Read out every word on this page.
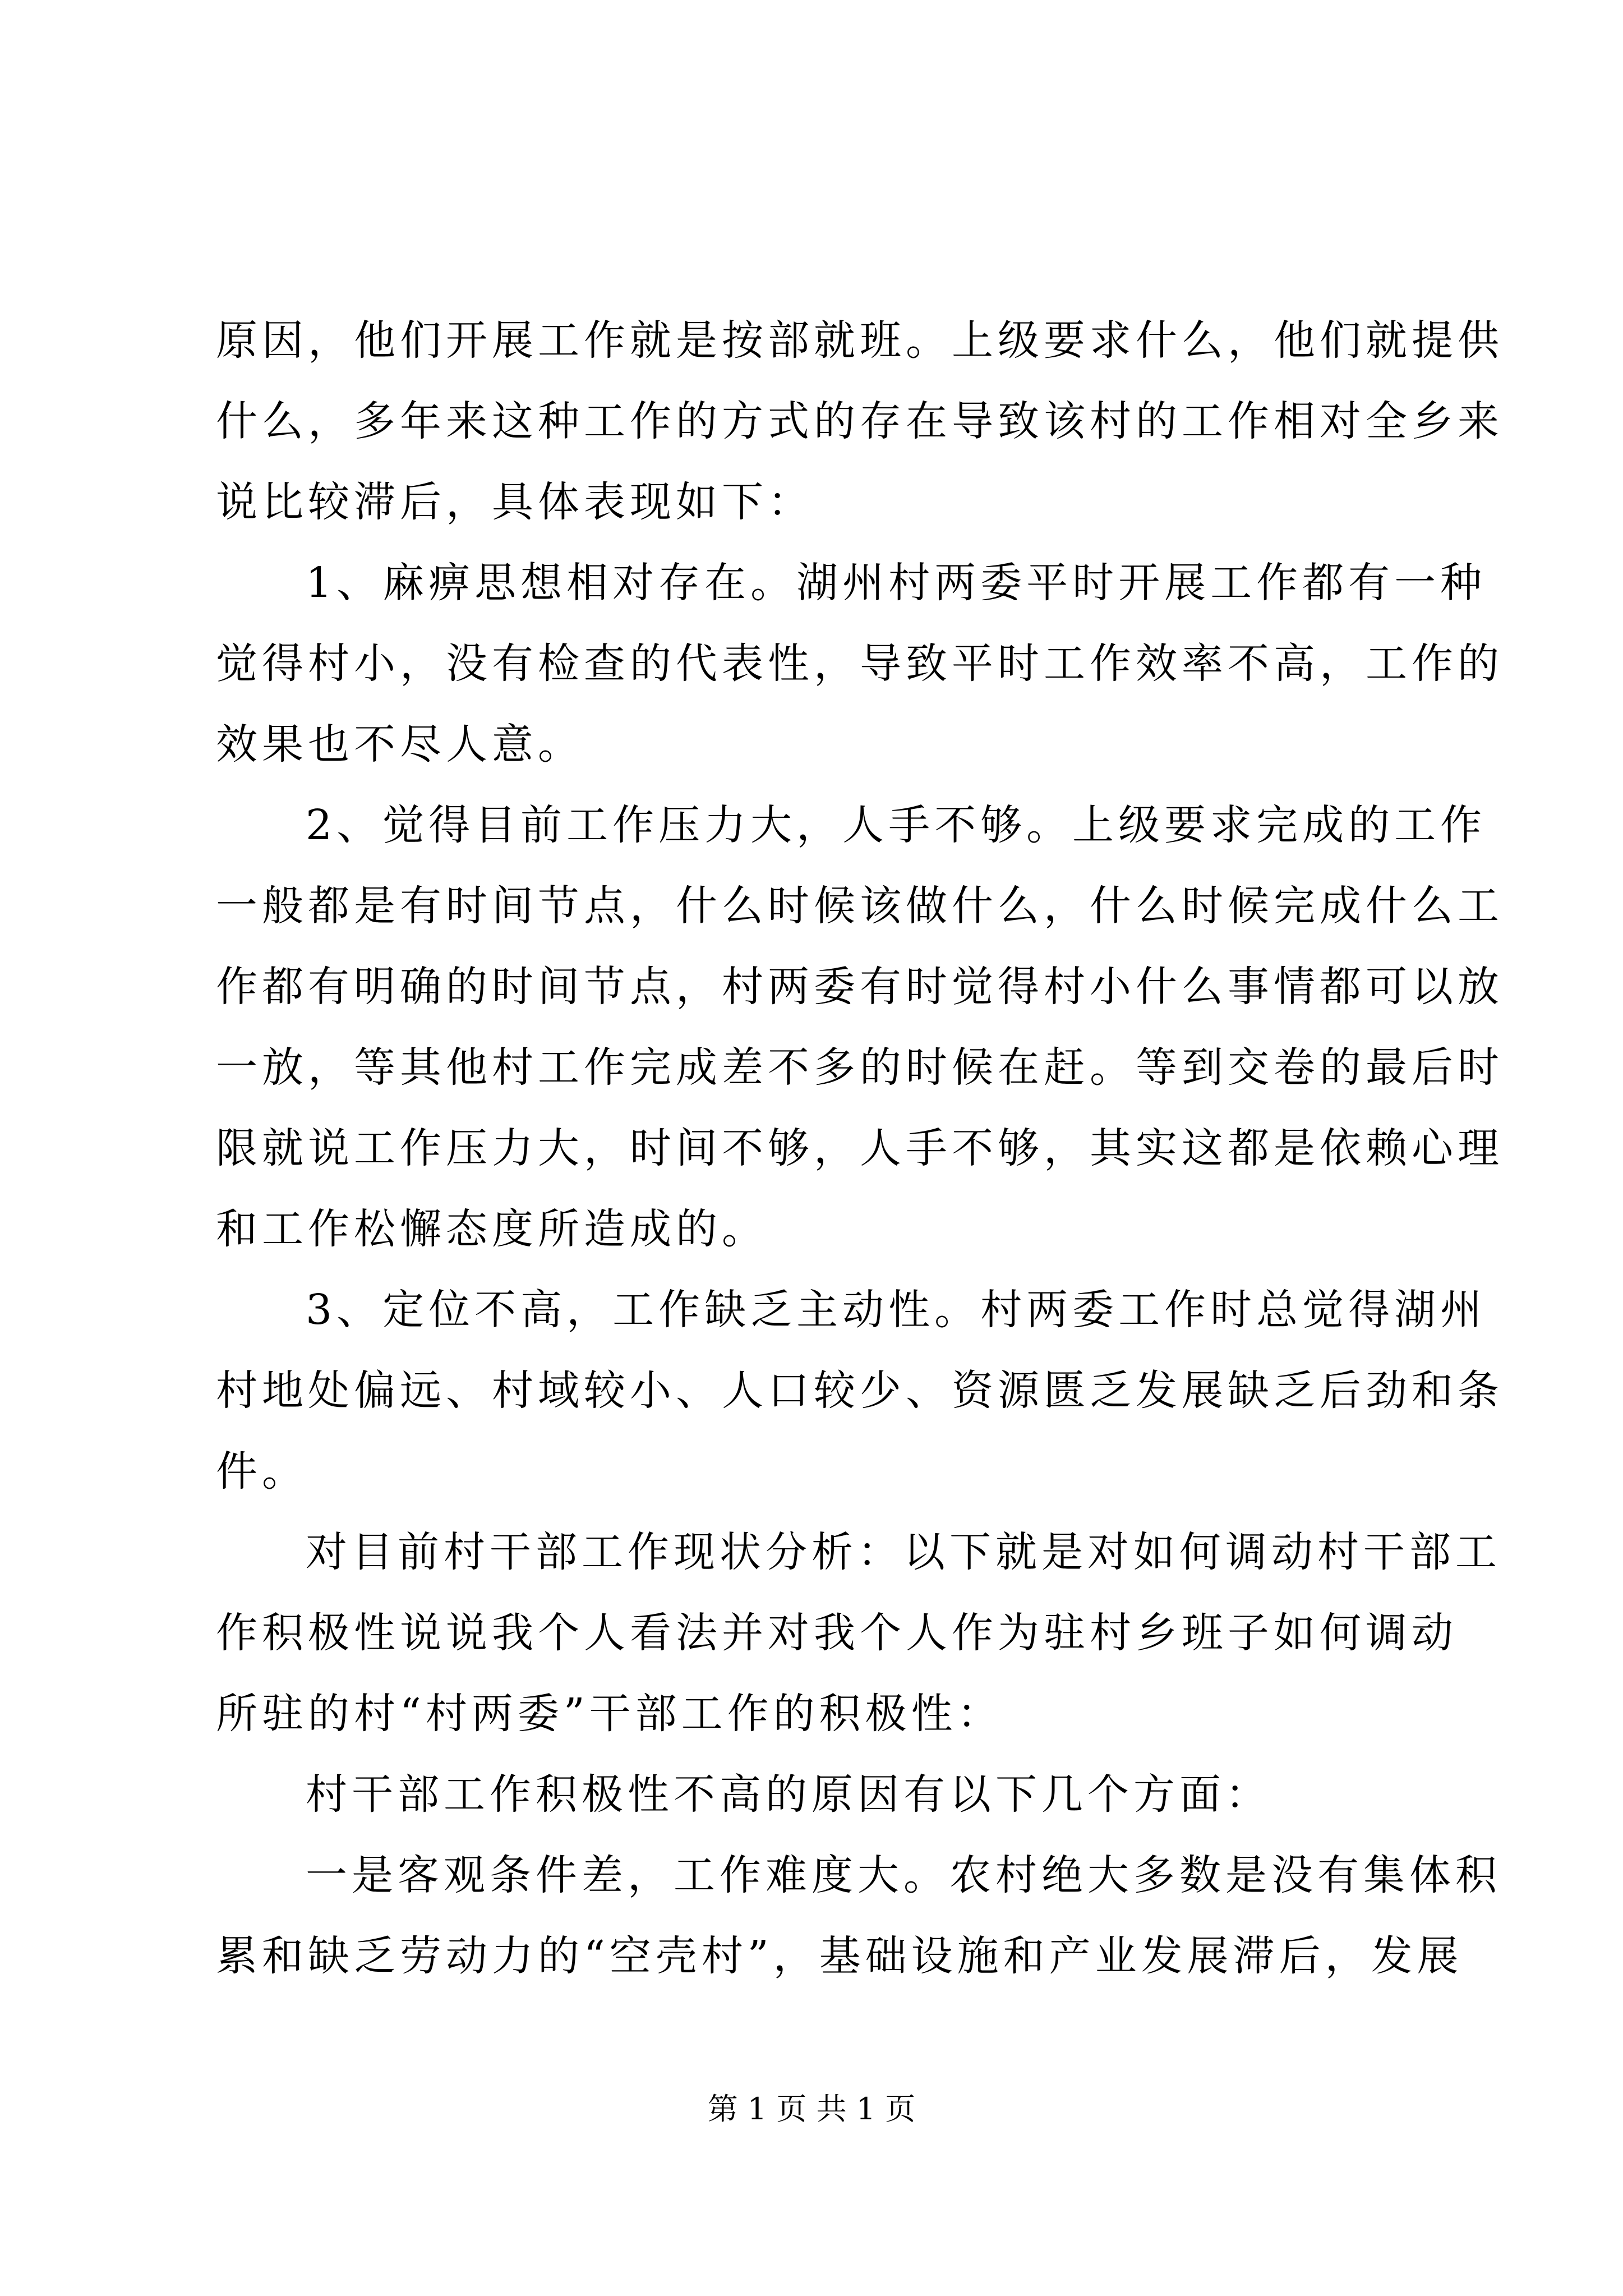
原因，他们开展工作就是按部就班。上级要求什么，他们就提供
什么，多年来这种工作的方式的存在导致该村的工作相对全乡来
说比较滞后，具体表现如下：
1、麻痹思想相对存在。湖州村两委平时开展工作都有一种
觉得村小，没有检查的代表性，导致平时工作效率不高，工作的
效果也不尽人意。
2、觉得目前工作压力大，人手不够。上级要求完成的工作
一般都是有时间节点，什么时候该做什么，什么时候完成什么工
作都有明确的时间节点，村两委有时觉得村小什么事情都可以放
一放，等其他村工作完成差不多的时候在赶。等到交卷的最后时
限就说工作压力大，时间不够，人手不够，其实这都是依赖心理
和工作松懈态度所造成的。
3、定位不高，工作缺乏主动性。村两委工作时总觉得湖州
村地处偏远、村域较小、人口较少、资源匮乏发展缺乏后劲和条
件。
对目前村干部工作现状分析：以下就是对如何调动村干部工
作积极性说说我个人看法并对我个人作为驻村乡班子如何调动
所驻的村“村两委”干部工作的积极性：
村干部工作积极性不高的原因有以下几个方面：
一是客观条件差，工作难度大。农村绝大多数是没有集体积
累和缺乏劳动力的“空壳村”，基础设施和产业发展滞后，发展
第 1 页 共 1 页
